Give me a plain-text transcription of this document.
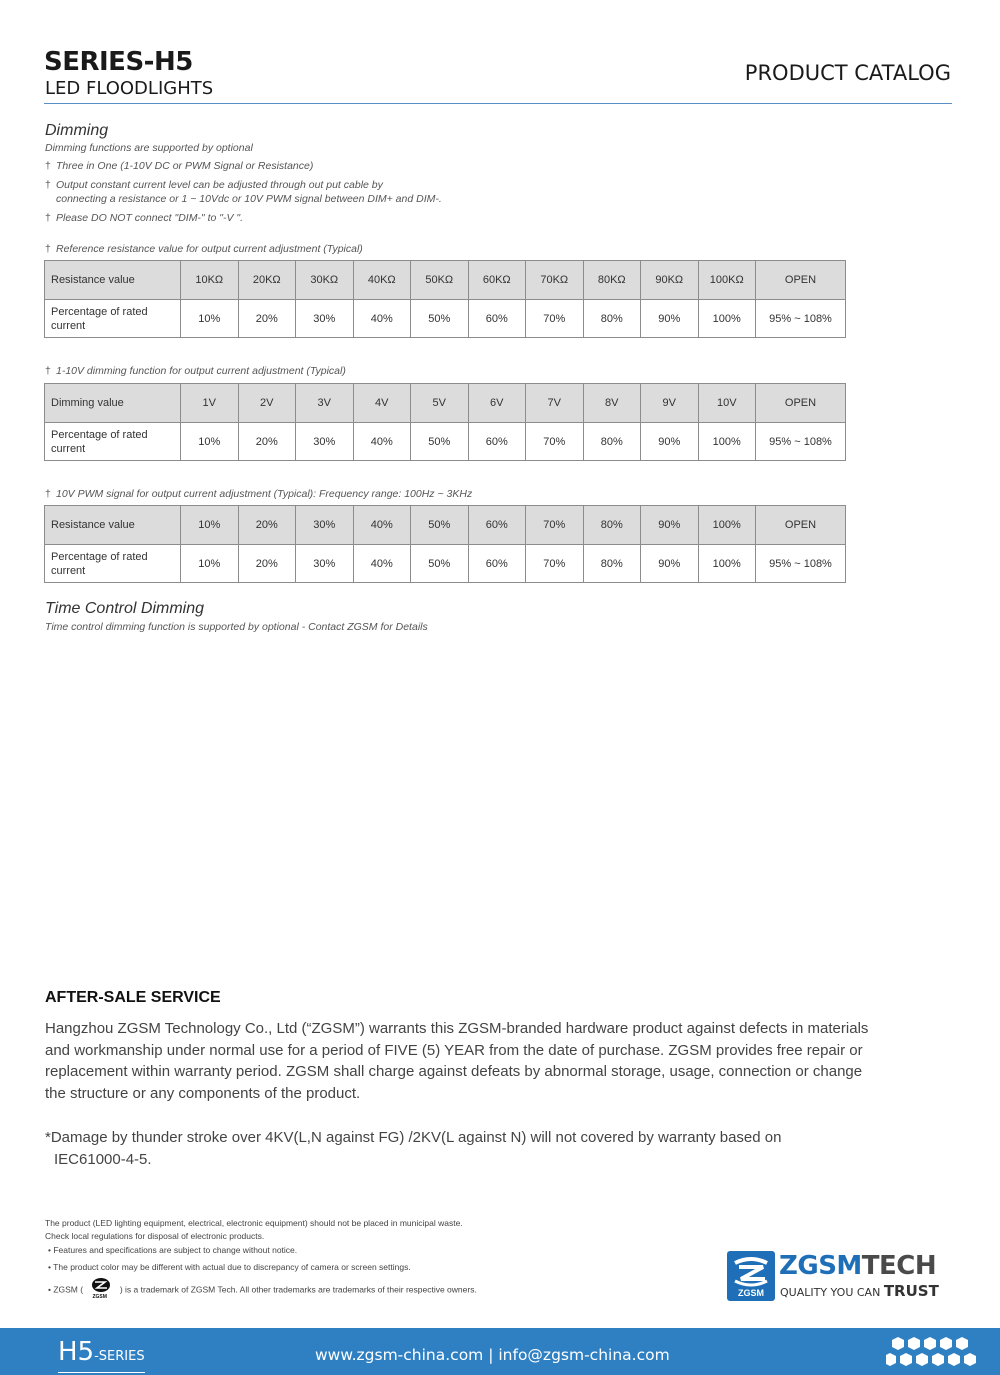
SERIES-H5
LED FLOODLIGHTS
PRODUCT CATALOG
Dimming
Dimming functions are supported by optional
† Three in One (1-10V DC or PWM Signal or Resistance)
† Output constant current level can be adjusted through out put cable by
connecting a resistance or 1 ~ 10Vdc or 10V PWM signal between DIM+ and DIM-.
† Please DO NOT connect "DIM-" to "-V ".
† Reference resistance value for output current adjustment (Typical)
Resistance value	10KΩ	20KΩ	30KΩ	40KΩ	50KΩ	60KΩ	70KΩ	80KΩ	90KΩ	100KΩ	OPEN
Percentage of rated current	10%	20%	30%	40%	50%	60%	70%	80%	90%	100%	95% ~ 108%
† 1-10V dimming function for output current adjustment (Typical)
Dimming value	1V	2V	3V	4V	5V	6V	7V	8V	9V	10V	OPEN
Percentage of rated current	10%	20%	30%	40%	50%	60%	70%	80%	90%	100%	95% ~ 108%
† 10V PWM signal for output current adjustment (Typical): Frequency range: 100Hz ~ 3KHz
Resistance value	10%	20%	30%	40%	50%	60%	70%	80%	90%	100%	OPEN
Percentage of rated current	10%	20%	30%	40%	50%	60%	70%	80%	90%	100%	95% ~ 108%
Time Control Dimming
Time control dimming function is supported by optional - Contact ZGSM for Details
AFTER-SALE SERVICE
Hangzhou ZGSM Technology Co., Ltd (“ZGSM”) warrants this ZGSM-branded hardware product against defects in materials and workmanship under normal use for a period of FIVE (5) YEAR from the date of purchase. ZGSM provides free repair or replacement within warranty period. ZGSM shall charge against defeats by abnormal storage, usage, connection or change the structure or any components of the product.
*Damage by thunder stroke over 4KV(L,N against FG) /2KV(L against N) will not covered by warranty based on
IEC61000-4-5.
The product (LED lighting equipment, electrical, electronic equipment) should not be placed in municipal waste.
Check local regulations for disposal of electronic products.
• Features and specifications are subject to change without notice.
• The product color may be different with actual due to discrepancy of camera or screen settings.
• ZGSM (
ZGSM
) is a trademark of ZGSM Tech. All other trademarks are trademarks of their respective owners.	ZGSM
ZGSMTECH
QUALITY YOU CAN TRUST
H5-SERIES	www.zgsm-china.com | info@zgsm-china.com
